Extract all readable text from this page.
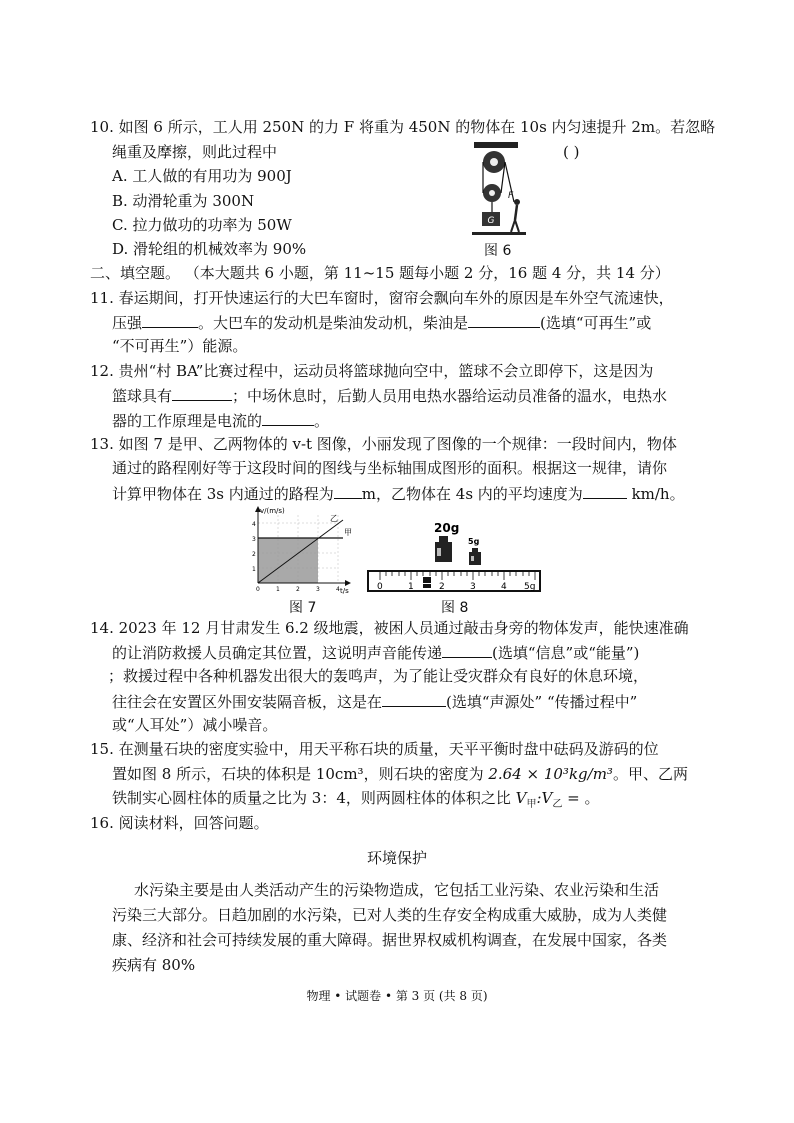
10. 如图 6 所示，工人用 250N 的力 F 将重为 450N 的物体在 10s 内匀速提升 2m。若忽略
绳重及摩擦，则此过程中	( )
A. 工人做的有用功为 900J
B. 动滑轮重为 300N
C. 拉力做功的功率为 50W
D. 滑轮组的机械效率为 90%
G
F
图 6
二、填空题。 （本大题共 6 小题，第 11~15 题每小题 2 分，16 题 4 分，共 14 分）
11. 春运期间，打开快速运行的大巴车窗时，窗帘会飘向车外的原因是车外空气流速快，
压强	。大巴车的发动机是柴油发动机，柴油是	(选填“可再生”或
“不可再生”）能源。
12. 贵州“村 BA”比赛过程中，运动员将篮球抛向空中，篮球不会立即停下，这是因为
篮球具有	；中场休息时，后勤人员用电热水器给运动员准备的温水，电热水
器的工作原理是电流的	。
13. 如图 7 是甲、乙两物体的 v-t 图像，小丽发现了图像的一个规律：一段时间内，物体
通过的路程刚好等于这段时间的图线与坐标轴围成图形的面积。根据这一规律，请你
计算甲物体在 3s 内通过的路程为 m，乙物体在 4s 内的平均速度为	km/h。
v/(m/s)
t/s
甲
乙
1
2
3
4
0	1	2	3	4
图 7
20g
5g
0	1	2	3	4 5g
图 8
14. 2023 年 12 月甘肃发生 6.2 级地震，被困人员通过敲击身旁的物体发声，能快速准确
的让消防救援人员确定其位置，这说明声音能传递	(选填“信息”或“能量”)
；救援过程中各种机器发出很大的轰鸣声，为了能让受灾群众有良好的休息环境，
往往会在安置区外围安装隔音板，这是在	(选填“声源处” “传播过程中”
或“人耳处”）减小噪音。
15. 在测量石块的密度实验中，用天平称石块的质量，天平平衡时盘中砝码及游码的位
置如图 8 所示，石块的体积是 10cm³，则石块的密度为 2.64 × 10³kg/m³。甲、乙两
铁制实心圆柱体的质量之比为 3：4，则两圆柱体的体积之比 $V_甲:V_乙$ = 。
16. 阅读材料，回答问题。
环境保护
水污染主要是由人类活动产生的污染物造成，它包括工业污染、农业污染和生活
污染三大部分。日趋加剧的水污染，已对人类的生存安全构成重大威胁，成为人类健
康、经济和社会可持续发展的重大障碍。据世界权威机构调查，在发展中国家，各类
疾病有 80%
物理 • 试题卷 • 第 3 页 (共 8 页)
